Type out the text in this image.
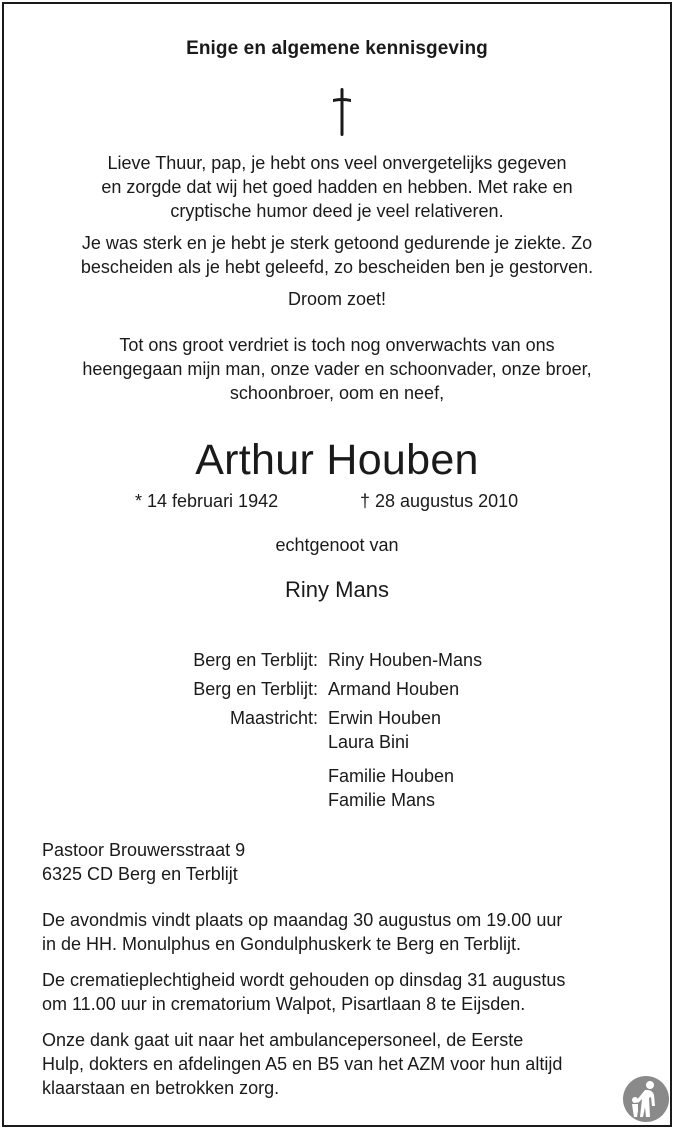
Enige en algemene kennisgeving
Lieve Thuur, pap, je hebt ons veel onvergetelijks gegeven
en zorgde dat wij het goed hadden en hebben. Met rake en
cryptische humor deed je veel relativeren.
Je was sterk en je hebt je sterk getoond gedurende je ziekte. Zo
bescheiden als je hebt geleefd, zo bescheiden ben je gestorven.
Droom zoet!
Tot ons groot verdriet is toch nog onverwachts van ons
heengegaan mijn man, onze vader en schoonvader, onze broer,
schoonbroer, oom en neef,
Arthur Houben
* 14 februari 1942	† 28 augustus 2010
echtgenoot van
Riny Mans
Berg en Terblijt: Riny Houben-Mans
Berg en Terblijt: Armand Houben
Maastricht: Erwin Houben
Laura Bini
Familie Houben
Familie Mans
Pastoor Brouwersstraat 9
6325 CD Berg en Terblijt
De avondmis vindt plaats op maandag 30 augustus om 19.00 uur
in de HH. Monulphus en Gondulphuskerk te Berg en Terblijt.
De crematieplechtigheid wordt gehouden op dinsdag 31 augustus
om 11.00 uur in crematorium Walpot, Pisartlaan 8 te Eijsden.
Onze dank gaat uit naar het ambulancepersoneel, de Eerste
Hulp, dokters en afdelingen A5 en B5 van het AZM voor hun altijd
klaarstaan en betrokken zorg.
